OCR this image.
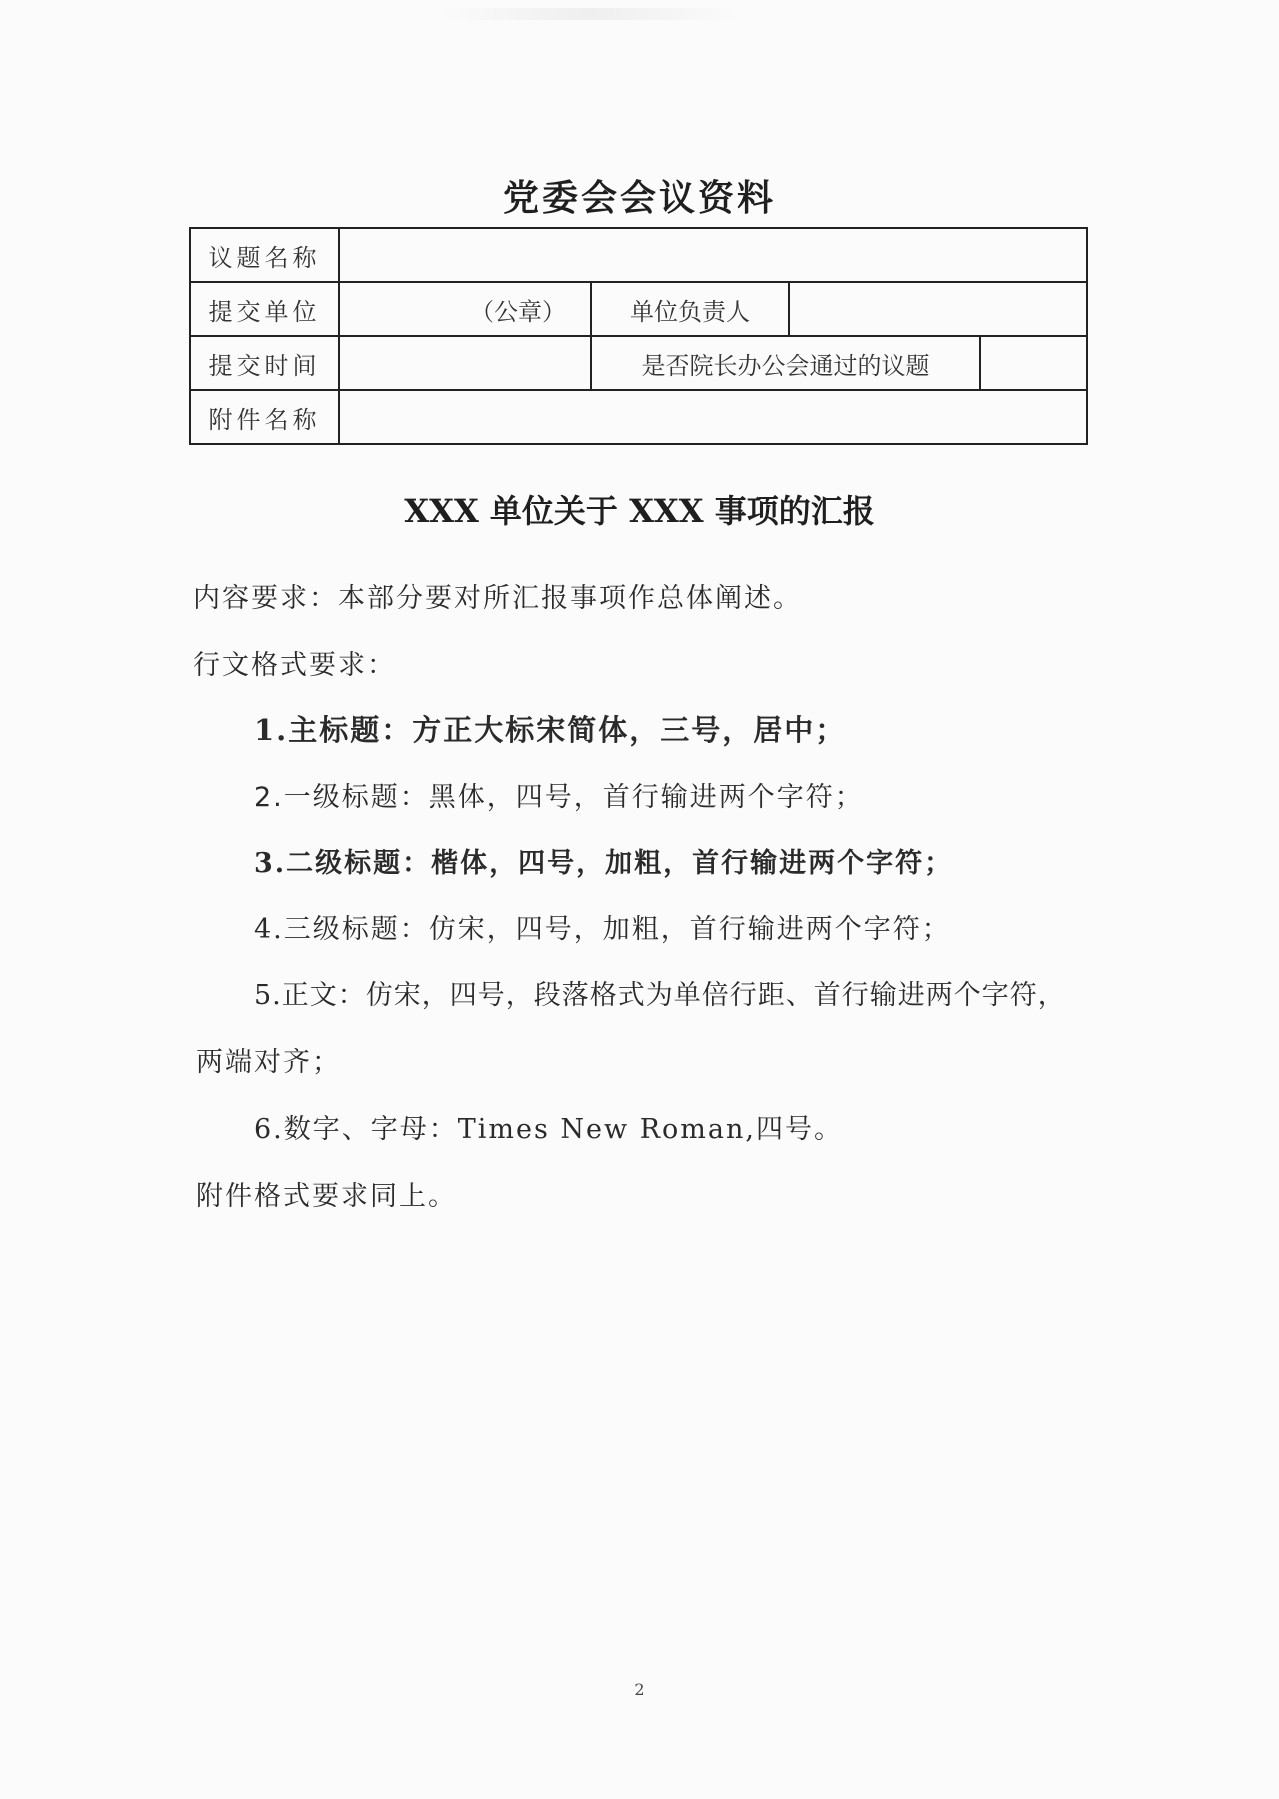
党委会会议资料
议题名称				
提交单位	（公章）	单位负责人		
提交时间		是否院长办公会通过的议题		
附件名称				
XXX 单位关于 XXX 事项的汇报
内容要求：本部分要对所汇报事项作总体阐述。
行文格式要求：
1.主标题：方正大标宋简体，三号，居中；
2.一级标题：黑体，四号，首行输进两个字符；
3.二级标题：楷体，四号，加粗，首行输进两个字符；
4.三级标题：仿宋，四号，加粗，首行输进两个字符；
5.正文：仿宋，四号，段落格式为单倍行距、首行输进两个字符，
两端对齐；
6.数字、字母：Times New Roman,四号。
附件格式要求同上。
2
